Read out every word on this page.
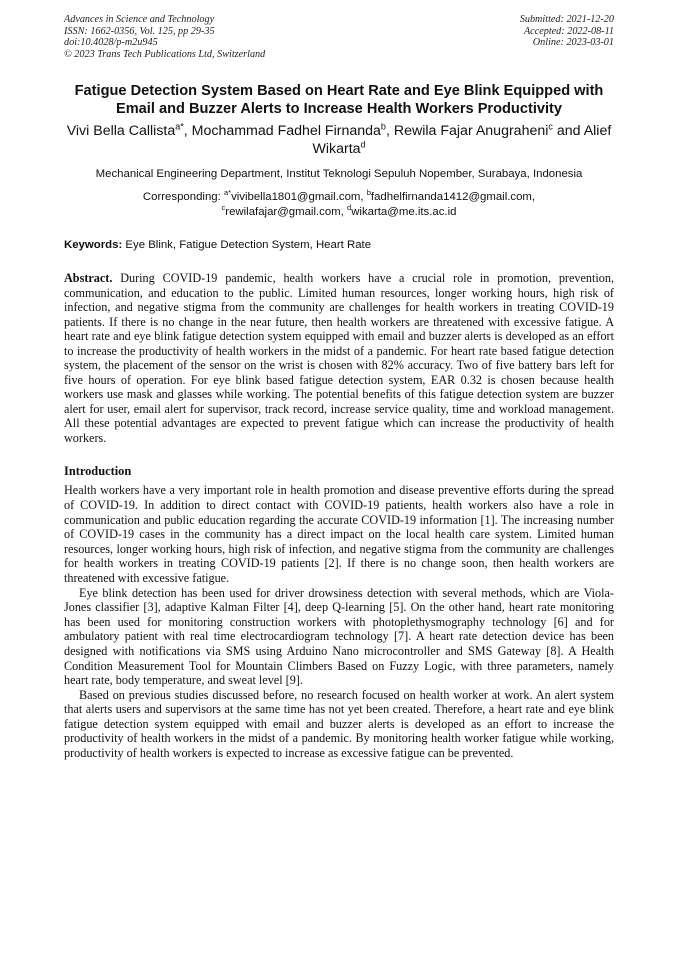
Advances in Science and Technology
ISSN: 1662-0356, Vol. 125, pp 29-35
doi:10.4028/p-m2u945
© 2023 Trans Tech Publications Ltd, Switzerland
Submitted: 2021-12-20
Accepted: 2022-08-11
Online: 2023-03-01
Fatigue Detection System Based on Heart Rate and Eye Blink Equipped with Email and Buzzer Alerts to Increase Health Workers Productivity
Vivi Bella Callista$^{a*}$, Mochammad Fadhel Firnanda$^b$, Rewila Fajar Anugraheni$^c$ and Alief Wikarta$^d$
Mechanical Engineering Department, Institut Teknologi Sepuluh Nopember, Surabaya, Indonesia
Corresponding: $^{a*}$vivibella1801@gmail.com, $^b$fadhelfirnanda1412@gmail.com,
$^c$rewilafajar@gmail.com, $^d$wikarta@me.its.ac.id
Keywords: Eye Blink, Fatigue Detection System, Heart Rate
Abstract. During COVID-19 pandemic, health workers have a crucial role in promotion, prevention, communication, and education to the public. Limited human resources, longer working hours, high risk of infection, and negative stigma from the community are challenges for health workers in treating COVID-19 patients. If there is no change in the near future, then health workers are threatened with excessive fatigue. A heart rate and eye blink fatigue detection system equipped with email and buzzer alerts is developed as an effort to increase the productivity of health workers in the midst of a pandemic. For heart rate based fatigue detection system, the placement of the sensor on the wrist is chosen with 82% accuracy. Two of five battery bars left for five hours of operation. For eye blink based fatigue detection system, EAR 0.32 is chosen because health workers use mask and glasses while working. The potential benefits of this fatigue detection system are buzzer alert for user, email alert for supervisor, track record, increase service quality, time and workload management. All these potential advantages are expected to prevent fatigue which can increase the productivity of health workers.
Introduction
Health workers have a very important role in health promotion and disease preventive efforts during the spread of COVID-19. In addition to direct contact with COVID-19 patients, health workers also have a role in communication and public education regarding the accurate COVID-19 information [1]. The increasing number of COVID-19 cases in the community has a direct impact on the local health care system. Limited human resources, longer working hours, high risk of infection, and negative stigma from the community are challenges for health workers in treating COVID-19 patients [2]. If there is no change soon, then health workers are threatened with excessive fatigue.
Eye blink detection has been used for driver drowsiness detection with several methods, which are Viola-Jones classifier [3], adaptive Kalman Filter [4], deep Q-learning [5]. On the other hand, heart rate monitoring has been used for monitoring construction workers with photoplethysmography technology [6] and for ambulatory patient with real time electrocardiogram technology [7]. A heart rate detection device has been designed with notifications via SMS using Arduino Nano microcontroller and SMS Gateway [8]. A Health Condition Measurement Tool for Mountain Climbers Based on Fuzzy Logic, with three parameters, namely heart rate, body temperature, and sweat level [9].
Based on previous studies discussed before, no research focused on health worker at work. An alert system that alerts users and supervisors at the same time has not yet been created. Therefore, a heart rate and eye blink fatigue detection system equipped with email and buzzer alerts is developed as an effort to increase the productivity of health workers in the midst of a pandemic. By monitoring health worker fatigue while working, productivity of health workers is expected to increase as excessive fatigue can be prevented.
